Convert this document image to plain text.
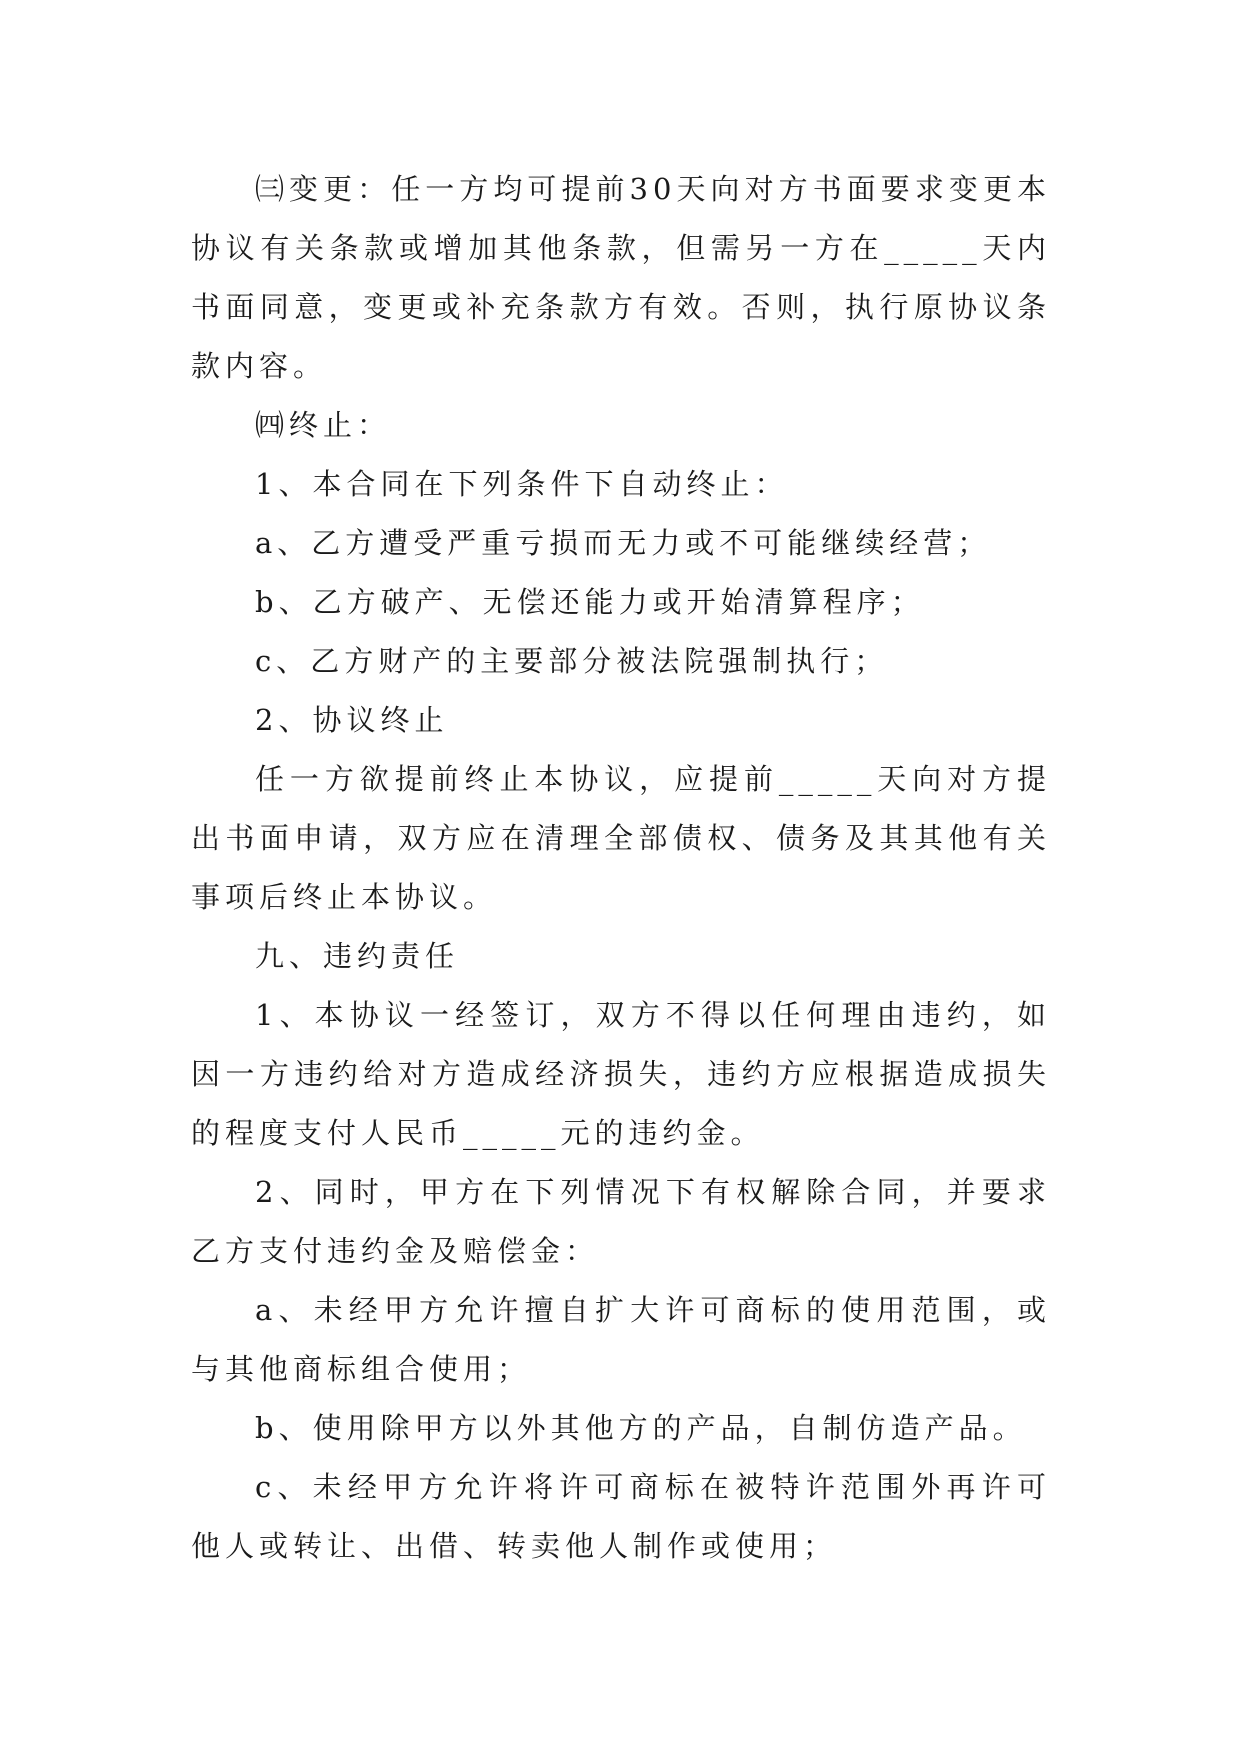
㈢变更：任一方均可提前30天向对方书面要求变更本协议有关条款或增加其他条款，但需另一方在_____天内书面同意，变更或补充条款方有效。否则，执行原协议条款内容。

㈣终止：

1、本合同在下列条件下自动终止：

a、乙方遭受严重亏损而无力或不可能继续经营；

b、乙方破产、无偿还能力或开始清算程序；

c、乙方财产的主要部分被法院强制执行；

2、协议终止

任一方欲提前终止本协议，应提前_____天向对方提出书面申请，双方应在清理全部债权、债务及其其他有关事项后终止本协议。

九、违约责任

1、本协议一经签订，双方不得以任何理由违约，如因一方违约给对方造成经济损失，违约方应根据造成损失的程度支付人民币_____元的违约金。

2、同时，甲方在下列情况下有权解除合同，并要求乙方支付违约金及赔偿金：

a、未经甲方允许擅自扩大许可商标的使用范围，或与其他商标组合使用；

b、使用除甲方以外其他方的产品，自制仿造产品。

c、未经甲方允许将许可商标在被特许范围外再许可他人或转让、出借、转卖他人制作或使用；
